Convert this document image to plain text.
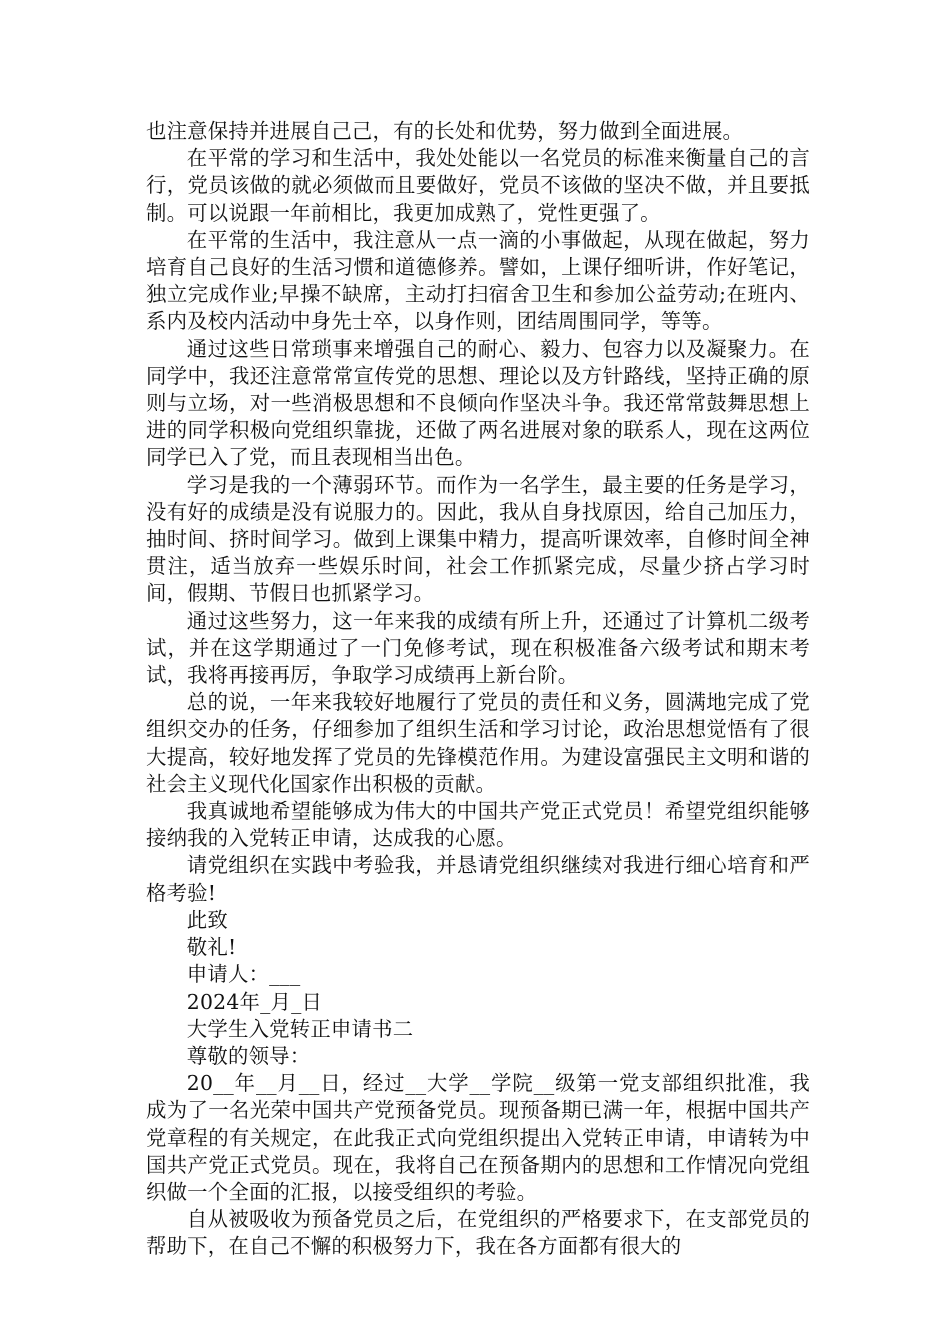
也注意保持并进展自己己，有的长处和优势，努力做到全面进展。

在平常的学习和生活中，我处处能以一名党员的标准来衡量自己的言行，党员该做的就必须做而且要做好，党员不该做的坚决不做，并且要抵制。可以说跟一年前相比，我更加成熟了，党性更强了。

在平常的生活中，我注意从一点一滴的小事做起，从现在做起，努力培育自己良好的生活习惯和道德修养。譬如，上课仔细听讲，作好笔记，独立完成作业;早操不缺席，主动打扫宿舍卫生和参加公益劳动;在班内、系内及校内活动中身先士卒，以身作则，团结周围同学，等等。

通过这些日常琐事来增强自己的耐心、毅力、包容力以及凝聚力。在同学中，我还注意常常宣传党的思想、理论以及方针路线，坚持正确的原则与立场，对一些消极思想和不良倾向作坚决斗争。我还常常鼓舞思想上进的同学积极向党组织靠拢，还做了两名进展对象的联系人，现在这两位同学已入了党，而且表现相当出色。

学习是我的一个薄弱环节。而作为一名学生，最主要的任务是学习，没有好的成绩是没有说服力的。因此，我从自身找原因，给自己加压力，抽时间、挤时间学习。做到上课集中精力，提高听课效率，自修时间全神贯注，适当放弃一些娱乐时间，社会工作抓紧完成，尽量少挤占学习时间，假期、节假日也抓紧学习。

通过这些努力，这一年来我的成绩有所上升，还通过了计算机二级考试，并在这学期通过了一门免修考试，现在积极准备六级考试和期末考试，我将再接再厉，争取学习成绩再上新台阶。

总的说，一年来我较好地履行了党员的责任和义务，圆满地完成了党组织交办的任务，仔细参加了组织生活和学习讨论，政治思想觉悟有了很大提高，较好地发挥了党员的先锋模范作用。为建设富强民主文明和谐的社会主义现代化国家作出积极的贡献。

我真诚地希望能够成为伟大的中国共产党正式党员！希望党组织能够接纳我的入党转正申请，达成我的心愿。

请党组织在实践中考验我，并恳请党组织继续对我进行细心培育和严格考验!

此致

敬礼!

申请人：___

2024年_月_日

大学生入党转正申请书二

尊敬的领导：

20__年__月__日，经过__大学__学院__级第一党支部组织批准，我成为了一名光荣中国共产党预备党员。现预备期已满一年，根据中国共产党章程的有关规定，在此我正式向党组织提出入党转正申请，申请转为中国共产党正式党员。现在，我将自己在预备期内的思想和工作情况向党组织做一个全面的汇报，以接受组织的考验。

自从被吸收为预备党员之后，在党组织的严格要求下，在支部党员的帮助下，在自己不懈的积极努力下，我在各方面都有很大的
